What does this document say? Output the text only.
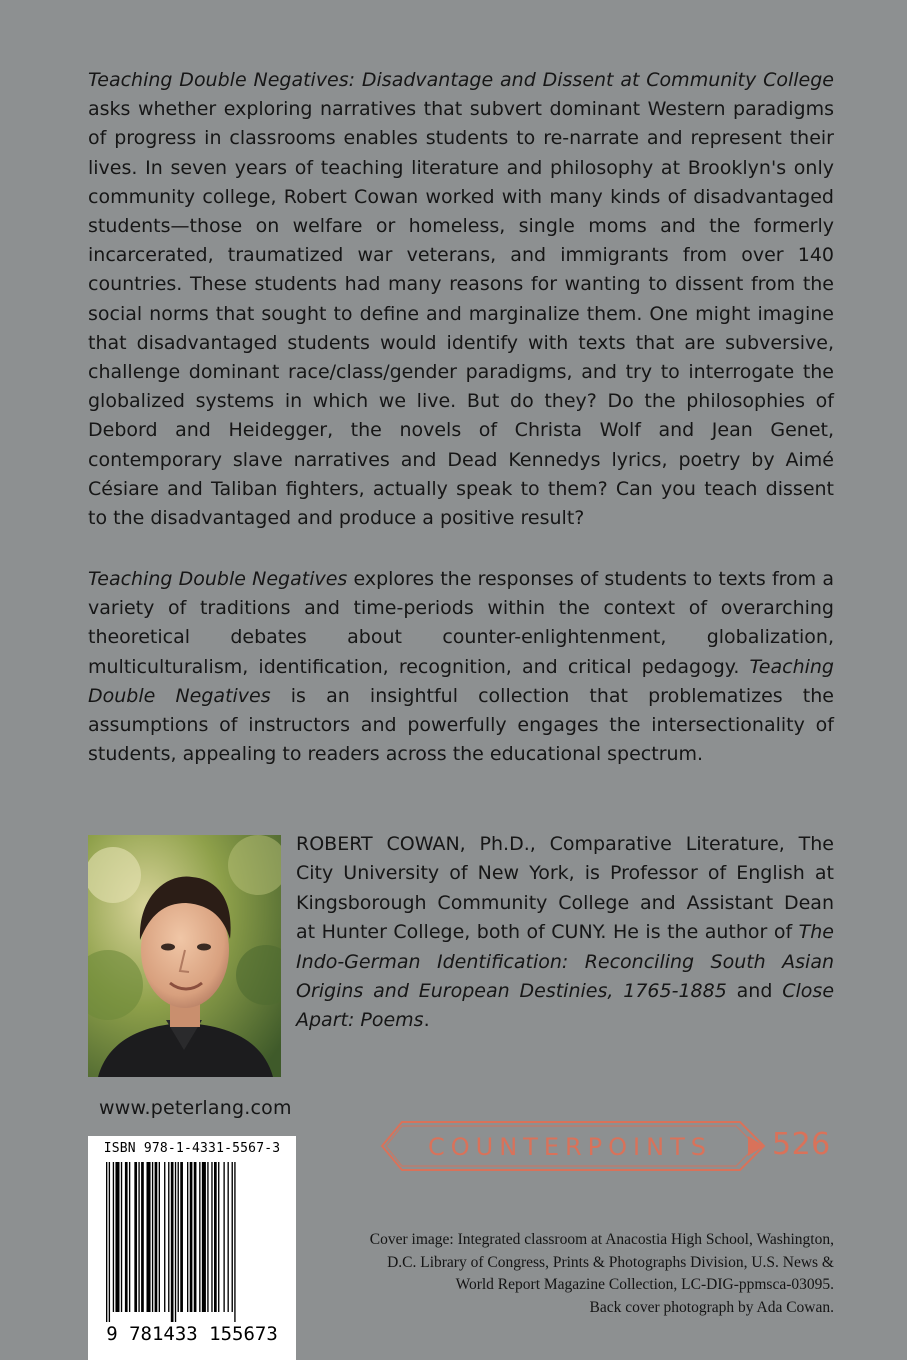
Teaching Double Negatives: Disadvantage and Dissent at Community College asks whether exploring narratives that subvert dominant Western paradigms of progress in classrooms enables students to re-narrate and represent their lives. In seven years of teaching literature and philosophy at Brooklyn's only community college, Robert Cowan worked with many kinds of disadvantaged students—those on welfare or homeless, single moms and the formerly incarcerated, traumatized war veterans, and immigrants from over 140 countries. These students had many reasons for wanting to dissent from the social norms that sought to define and marginalize them. One might imagine that disadvantaged students would identify with texts that are subversive, challenge dominant race/class/gender paradigms, and try to interrogate the globalized systems in which we live. But do they? Do the philosophies of Debord and Heidegger, the novels of Christa Wolf and Jean Genet, contemporary slave narratives and Dead Kennedys lyrics, poetry by Aimé Césiare and Taliban fighters, actually speak to them? Can you teach dissent to the disadvantaged and produce a positive result?

Teaching Double Negatives explores the responses of students to texts from a variety of traditions and time-periods within the context of overarching theoretical debates about counter-enlightenment, globalization, multiculturalism, identification, recognition, and critical pedagogy. Teaching Double Negatives is an insightful collection that problematizes the assumptions of instructors and powerfully engages the intersectionality of students, appealing to readers across the educational spectrum.

ROBERT COWAN, Ph.D., Comparative Literature, The City University of New York, is Professor of English at Kingsborough Community College and Assistant Dean at Hunter College, both of CUNY. He is the author of The Indo-German Identification: Reconciling South Asian Origins and European Destinies, 1765-1885 and Close Apart: Poems.

www.peterlang.com
ISBN 978-1-4331-5567-3
9 781433 155673
COUNTERPOINTS 526

Cover image: Integrated classroom at Anacostia High School, Washington,
D.C. Library of Congress, Prints & Photographs Division, U.S. News &
World Report Magazine Collection, LC-DIG-ppmsca-03095.
Back cover photograph by Ada Cowan.
